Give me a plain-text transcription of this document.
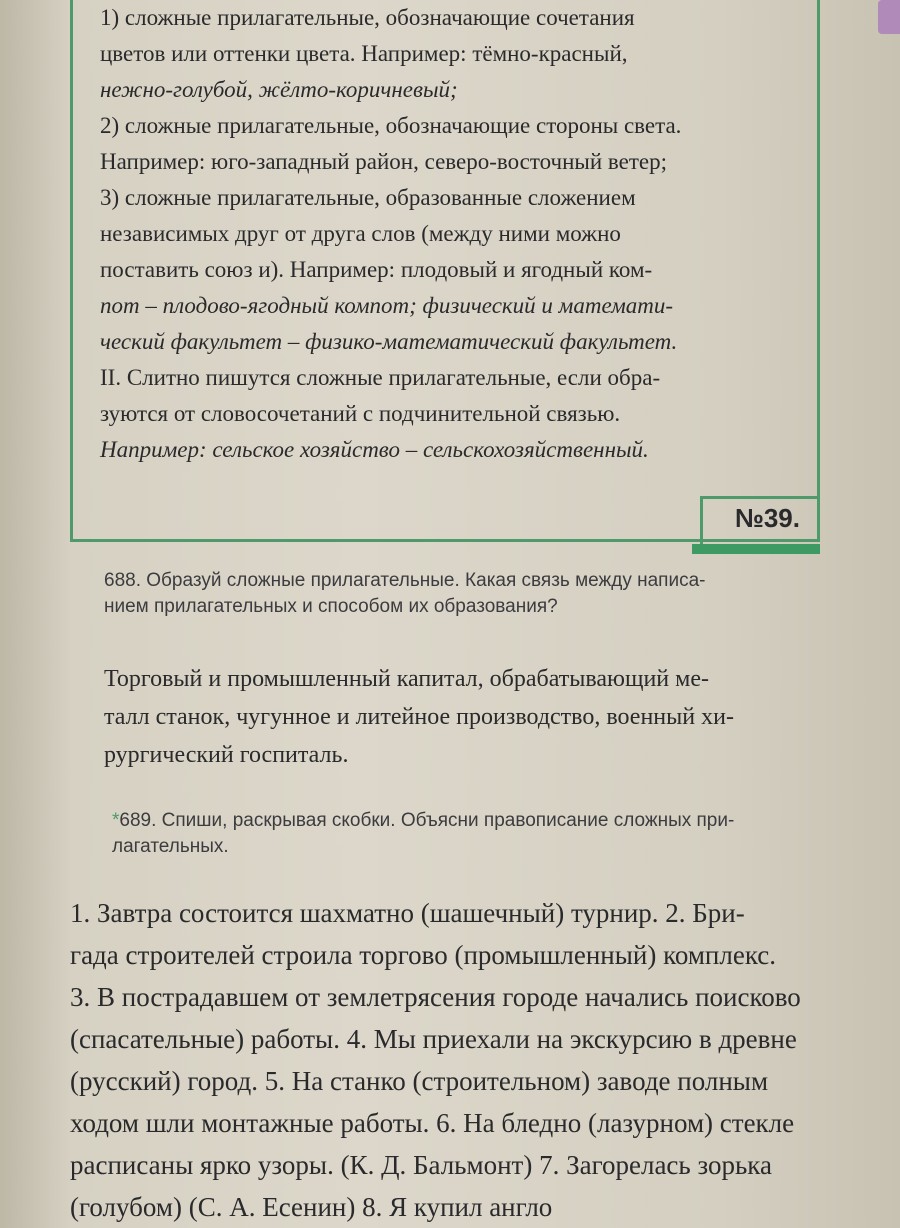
1) сложные прилагательные, обозначающие сочетания

цветов или оттенки цвета. Например: тёмно-красный,

нежно-голубой, жёлто-коричневый;

2) сложные прилагательные, обозначающие стороны света.

Например: юго-западный район, северо-восточный ветер;

3) сложные прилагательные, образованные сложением

независимых друг от друга слов (между ними можно

поставить союз и). Например: плодовый и ягодный ком-

пот – плодово-ягодный компот; физический и математи-

ческий факультет – физико-математический факультет.

II. Слитно пишутся сложные прилагательные, если обра-

зуются от словосочетаний с подчинительной связью.

Например: сельское хозяйство – сельскохозяйственный.

№39.
688. Образуй сложные прилагательные. Какая связь между написа-
нием прилагательных и способом их образования?
Торговый и промышленный капитал, обрабатывающий ме-
талл станок, чугунное и литейное производство, военный хи-
рургический госпиталь.
*689. Спиши, раскрывая скобки. Объясни правописание сложных при-
лагательных.
1. Завтра состоится шахматно (шашечный) турнир. 2. Бри-
гада строителей строила торгово (промышленный) комплекс.
3. В пострадавшем от землетрясения городе начались поисково
(спасательные) работы. 4. Мы приехали на экскурсию в древне
(русский) город. 5. На станко (строительном) заводе полным
ходом шли монтажные работы. 6. На бледно (лазурном) стекле
расписаны ярко узоры. (К. Д. Бальмонт) 7. Загорелась зорька
(голубом) (С. А. Есенин) 8. Я купил англо
